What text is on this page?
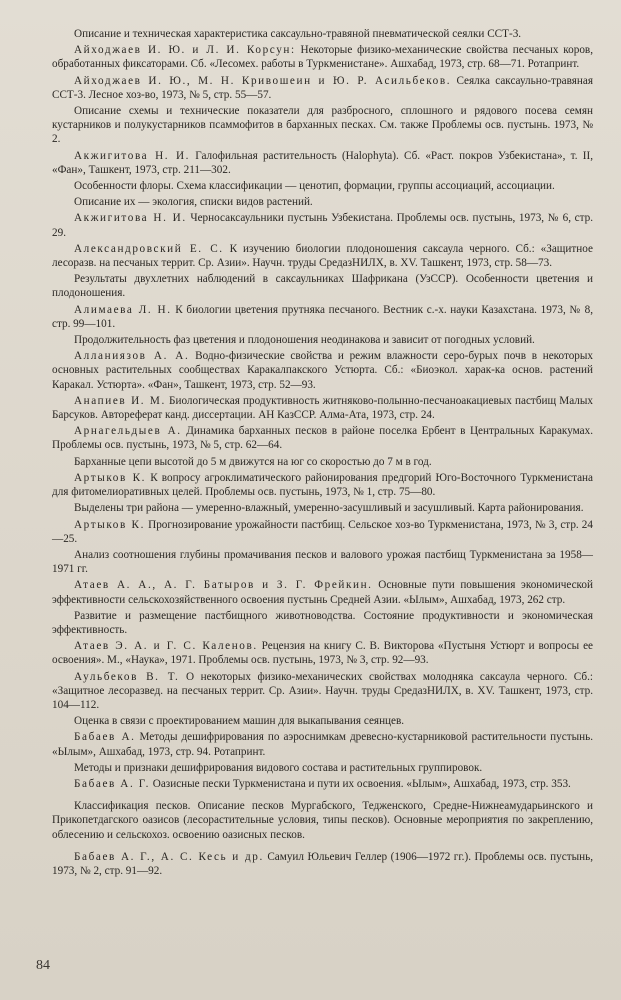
Описание и техническая характеристика саксаульно-травяной пневматической сеялки ССТ-3.

Айходжаев И. Ю. и Л. И. Корсун: Некоторые физико-механические свойства песчаных коров, обработанных фиксаторами. Сб. «Лесомех. работы в Туркменистане». Ашхабад, 1973, стр. 68—71. Ротапринт.

Айходжаев И. Ю., М. Н. Кривошеин и Ю. Р. Асильбеков. Сеялка саксаульно-травяная ССТ-3. Лесное хоз-во, 1973, № 5, стр. 55—57.

Описание схемы и технические показатели для разбросного, сплошного и рядового посева семян кустарников и полукустарников псаммофитов в барханных песках. См. также Проблемы осв. пустынь. 1973, № 2.

Акжигитова Н. И. Галофильная растительность (Halophyta). Сб. «Раст. покров Узбекистана», т. II, «Фан», Ташкент, 1973, стр. 211—302.

Особенности флоры. Схема классификации — ценотип, формации, группы ассоциаций, ассоциации.

Описание их — экология, списки видов растений.

Акжигитова Н. И. Черносаксаульники пустынь Узбекистана. Проблемы осв. пустынь, 1973, № 6, стр. 29.

Александровский Е. С. К изучению биологии плодоношения саксаула черного. Сб.: «Защитное лесоразв. на песчаных террит. Ср. Азии». Научн. труды СредазНИЛХ, в. XV. Ташкент, 1973, стр. 58—73.

Результаты двухлетних наблюдений в саксаульниках Шафрикана (УзССР). Особенности цветения и плодоношения.

Алимаева Л. Н. К биологии цветения прутняка песчаного. Вестник с.-х. науки Казахстана. 1973, № 8, стр. 99—101.

Продолжительность фаз цветения и плодоношения неодинакова и зависит от погодных условий.

Алланиязов А. А. Водно-физические свойства и режим влажности серо-бурых почв в некоторых основных растительных сообществах Каракалпакского Устюрта. Сб.: «Биоэкол. харак-ка основ. растений Каракал. Устюрта». «Фан», Ташкент, 1973, стр. 52—93.

Анапиев И. М. Биологическая продуктивность житняково-полынно-песчаноакациевых пастбищ Малых Барсуков. Автореферат канд. диссертации. АН КазССР. Алма-Ата, 1973, стр. 24.

Арнагельдыев А. Динамика барханных песков в районе поселка Ербент в Центральных Каракумах. Проблемы осв. пустынь, 1973, № 5, стр. 62—64.

Барханные цепи высотой до 5 м движутся на юг со скоростью до 7 м в год.

Артыков К. К вопросу агроклиматического районирования предгорий Юго-Восточного Туркменистана для фитомелиоративных целей. Проблемы осв. пустынь, 1973, № 1, стр. 75—80.

Выделены три района — умеренно-влажный, умеренно-засушливый и засушливый. Карта районирования.

Артыков К. Прогнозирование урожайности пастбищ. Сельское хоз-во Туркменистана, 1973, № 3, стр. 24—25.

Анализ соотношения глубины промачивания песков и валового урожая пастбищ Туркменистана за 1958—1971 гг.

Атаев А. А., А. Г. Батыров и З. Г. Фрейкин. Основные пути повышения экономической эффективности сельскохозяйственного освоения пустынь Средней Азии. «Ылым», Ашхабад, 1973, 262 стр.

Развитие и размещение пастбищного животноводства. Состояние продуктивности и экономическая эффективность.

Атаев Э. А. и Г. С. Каленов. Рецензия на книгу С. В. Викторова «Пустыня Устюрт и вопросы ее освоения». М., «Наука», 1971. Проблемы осв. пустынь, 1973, № 3, стр. 92—93.

Аульбеков В. Т. О некоторых физико-механических свойствах молодняка саксаула черного. Сб.: «Защитное лесоразвед. на песчаных террит. Ср. Азии». Научн. труды СредазНИЛХ, в. XV. Ташкент, 1973, стр. 104—112.

Оценка в связи с проектированием машин для выкапывания сеянцев.

Бабаев А. Методы дешифрирования по аэроснимкам древесно-кустарниковой растительности пустынь. «Ылым», Ашхабад, 1973, стр. 94. Ротапринт.

Методы и признаки дешифрирования видового состава и растительных группировок.

Бабаев А. Г. Оазисные пески Туркменистана и пути их освоения. «Ылым», Ашхабад, 1973, стр. 353.

Классификация песков. Описание песков Мургабского, Тедженского, Средне-Нижнеамударьинского и Прикопетдагского оазисов (лесорастительные условия, типы песков). Основные мероприятия по закреплению, облесению и сельскохоз. освоению оазисных песков.

Бабаев А. Г., А. С. Кесь и др. Самуил Юльевич Геллер (1906—1972 гг.). Проблемы осв. пустынь, 1973, № 2, стр. 91—92.

84
